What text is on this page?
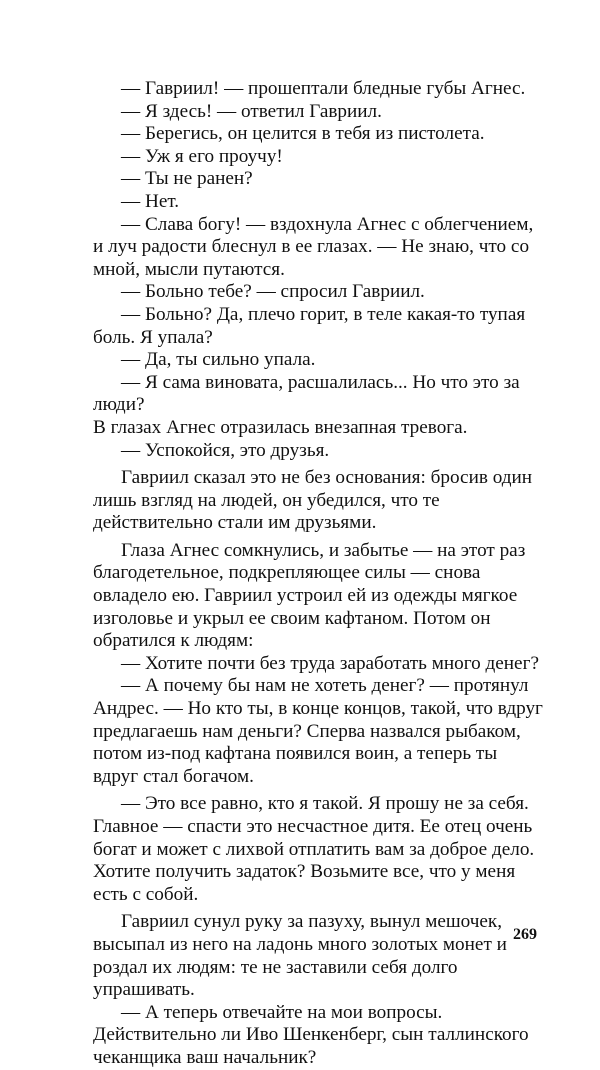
— Гавриил! — прошептали бледные губы Агнес.

— Я здесь! — ответил Гавриил.

— Берегись, он целится в тебя из пистолета.

— Уж я его проучу!

— Ты не ранен?

— Нет.

— Слава богу! — вздохнула Агнес с облегчением, и луч радости блеснул в ее глазах. — Не знаю, что со мной, мысли путаются.

— Больно тебе? — спросил Гавриил.

— Больно? Да, плечо горит, в теле какая-то тупая боль. Я упала?

— Да, ты сильно упала.

— Я сама виновата, расшалилась... Но что это за люди?

В глазах Агнес отразилась внезапная тревога.

— Успокойся, это друзья.

Гавриил сказал это не без основания: бросив один лишь взгляд на людей, он убедился, что те действительно стали им друзьями.

Глаза Агнес сомкнулись, и забытье — на этот раз благодетельное, подкрепляющее силы — снова овладело ею. Гавриил устроил ей из одежды мягкое изголовье и укрыл ее своим кафтаном. Потом он обратился к людям:

— Хотите почти без труда заработать много денег?

— А почему бы нам не хотеть денег? — протянул Андрес. — Но кто ты, в конце концов, такой, что вдруг предлагаешь нам деньги? Сперва назвался рыбаком, потом из-под кафтана появился воин, а теперь ты вдруг стал богачом.

— Это все равно, кто я такой. Я прошу не за себя. Главное — спасти это несчастное дитя. Ее отец очень богат и может с лихвой отплатить вам за доброе дело. Хотите получить задаток? Возьмите все, что у меня есть с собой.

Гавриил сунул руку за пазуху, вынул мешочек, высыпал из него на ладонь много золотых монет и роздал их людям: те не заставили себя долго упрашивать.

— А теперь отвечайте на мои вопросы. Действительно ли Иво Шенкенберг, сын таллинского чеканщика ваш начальник?

269
